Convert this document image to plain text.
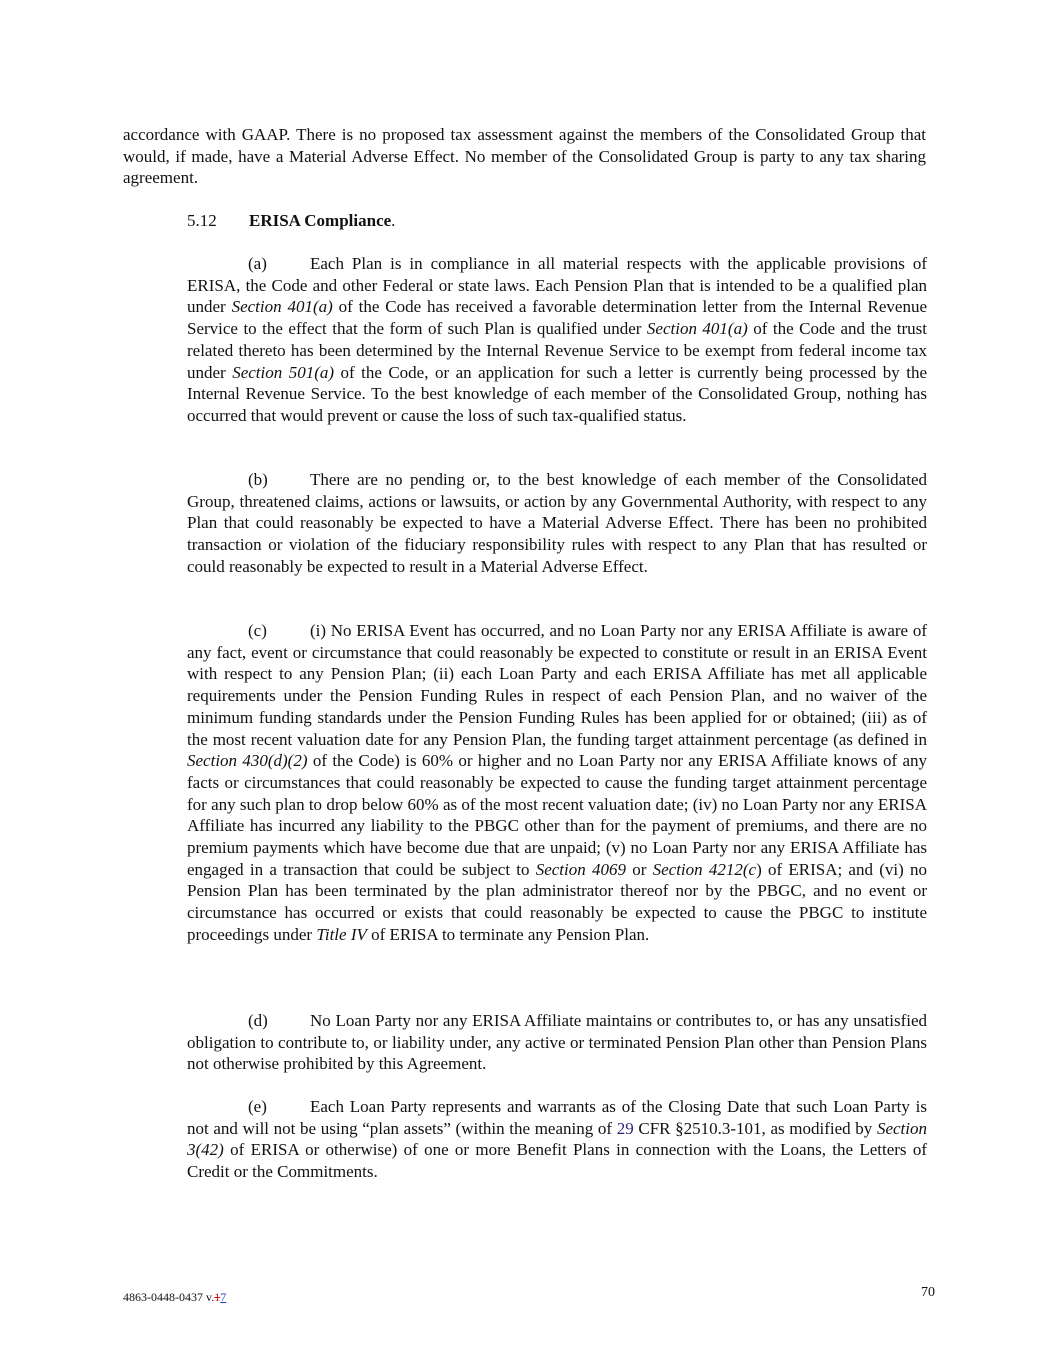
accordance with GAAP. There is no proposed tax assessment against the members of the Consolidated Group that would, if made, have a Material Adverse Effect. No member of the Consolidated Group is party to any tax sharing agreement.

5.12 ERISA Compliance.

(a)	Each Plan is in compliance in all material respects with the applicable provisions of ERISA, the Code and other Federal or state laws. Each Pension Plan that is intended to be a qualified plan under Section 401(a) of the Code has received a favorable determination letter from the Internal Revenue Service to the effect that the form of such Plan is qualified under Section 401(a) of the Code and the trust related thereto has been determined by the Internal Revenue Service to be exempt from federal income tax under Section 501(a) of the Code, or an application for such a letter is currently being processed by the Internal Revenue Service. To the best knowledge of each member of the Consolidated Group, nothing has occurred that would prevent or cause the loss of such tax-qualified status.

(b) There are no pending or, to the best knowledge of each member of the Consolidated Group, threatened claims, actions or lawsuits, or action by any Governmental Authority, with respect to any Plan that could reasonably be expected to have a Material Adverse Effect. There has been no prohibited transaction or violation of the fiduciary responsibility rules with respect to any Plan that has resulted or could reasonably be expected to result in a Material Adverse Effect.

(c)	(i) No ERISA Event has occurred, and no Loan Party nor any ERISA Affiliate is aware of any fact, event or circumstance that could reasonably be expected to constitute or result in an ERISA Event with respect to any Pension Plan; (ii) each Loan Party and each ERISA Affiliate has met all applicable requirements under the Pension Funding Rules in respect of each Pension Plan, and no waiver of the minimum funding standards under the Pension Funding Rules has been applied for or obtained; (iii) as of the most recent valuation date for any Pension Plan, the funding target attainment percentage (as defined in Section 430(d)(2) of the Code) is 60% or higher and no Loan Party nor any ERISA Affiliate knows of any facts or circumstances that could reasonably be expected to cause the funding target attainment percentage for any such plan to drop below 60% as of the most recent valuation date; (iv) no Loan Party nor any ERISA Affiliate has incurred any liability to the PBGC other than for the payment of premiums, and there are no premium payments which have become due that are unpaid; (v) no Loan Party nor any ERISA Affiliate has engaged in a transaction that could be subject to Section 4069 or Section 4212(c) of ERISA; and (vi) no Pension Plan has been terminated by the plan administrator thereof nor by the PBGC, and no event or circumstance has occurred or exists that could reasonably be expected to cause the PBGC to institute proceedings under Title IV of ERISA to terminate any Pension Plan.

(d) No Loan Party nor any ERISA Affiliate maintains or contributes to, or has any unsatisfied obligation to contribute to, or liability under, any active or terminated Pension Plan other than Pension Plans not otherwise prohibited by this Agreement.

(e)	Each Loan Party represents and warrants as of the Closing Date that such Loan Party is not and will not be using “plan assets” (within the meaning of 29 CFR §2510.3-101, as modified by Section 3(42) of ERISA or otherwise) of one or more Benefit Plans in connection with the Loans, the Letters of Credit or the Commitments.

4863-0448-0437 v.17	70
